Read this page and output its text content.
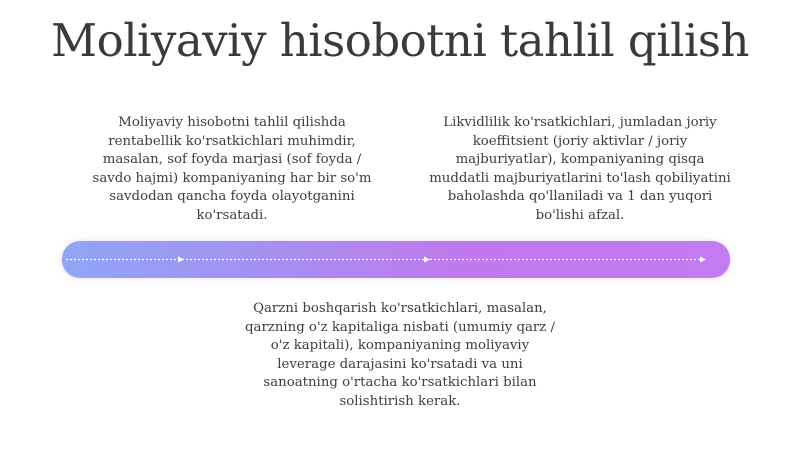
Moliyaviy hisobotni tahlil qilish
Moliyaviy hisobotni tahlil qilishda rentabellik ko'rsatkichlari muhimdir, masalan, sof foyda marjasi (sof foyda / savdo hajmi) kompaniyaning har bir so'm savdodan qancha foyda olayotganini ko'rsatadi.
Likvidlilik ko'rsatkichlari, jumladan joriy koeffitsient (joriy aktivlar / joriy majburiyatlar), kompaniyaning qisqa muddatli majburiyatlarini to'lash qobiliyatini baholashda qo'llaniladi va 1 dan yuqori bo'lishi afzal.
Qarzni boshqarish ko'rsatkichlari, masalan, qarzning o'z kapitaliga nisbati (umumiy qarz / o'z kapitali), kompaniyaning moliyaviy leverage darajasini ko'rsatadi va uni sanoatning o'rtacha ko'rsatkichlari bilan solishtirish kerak.
